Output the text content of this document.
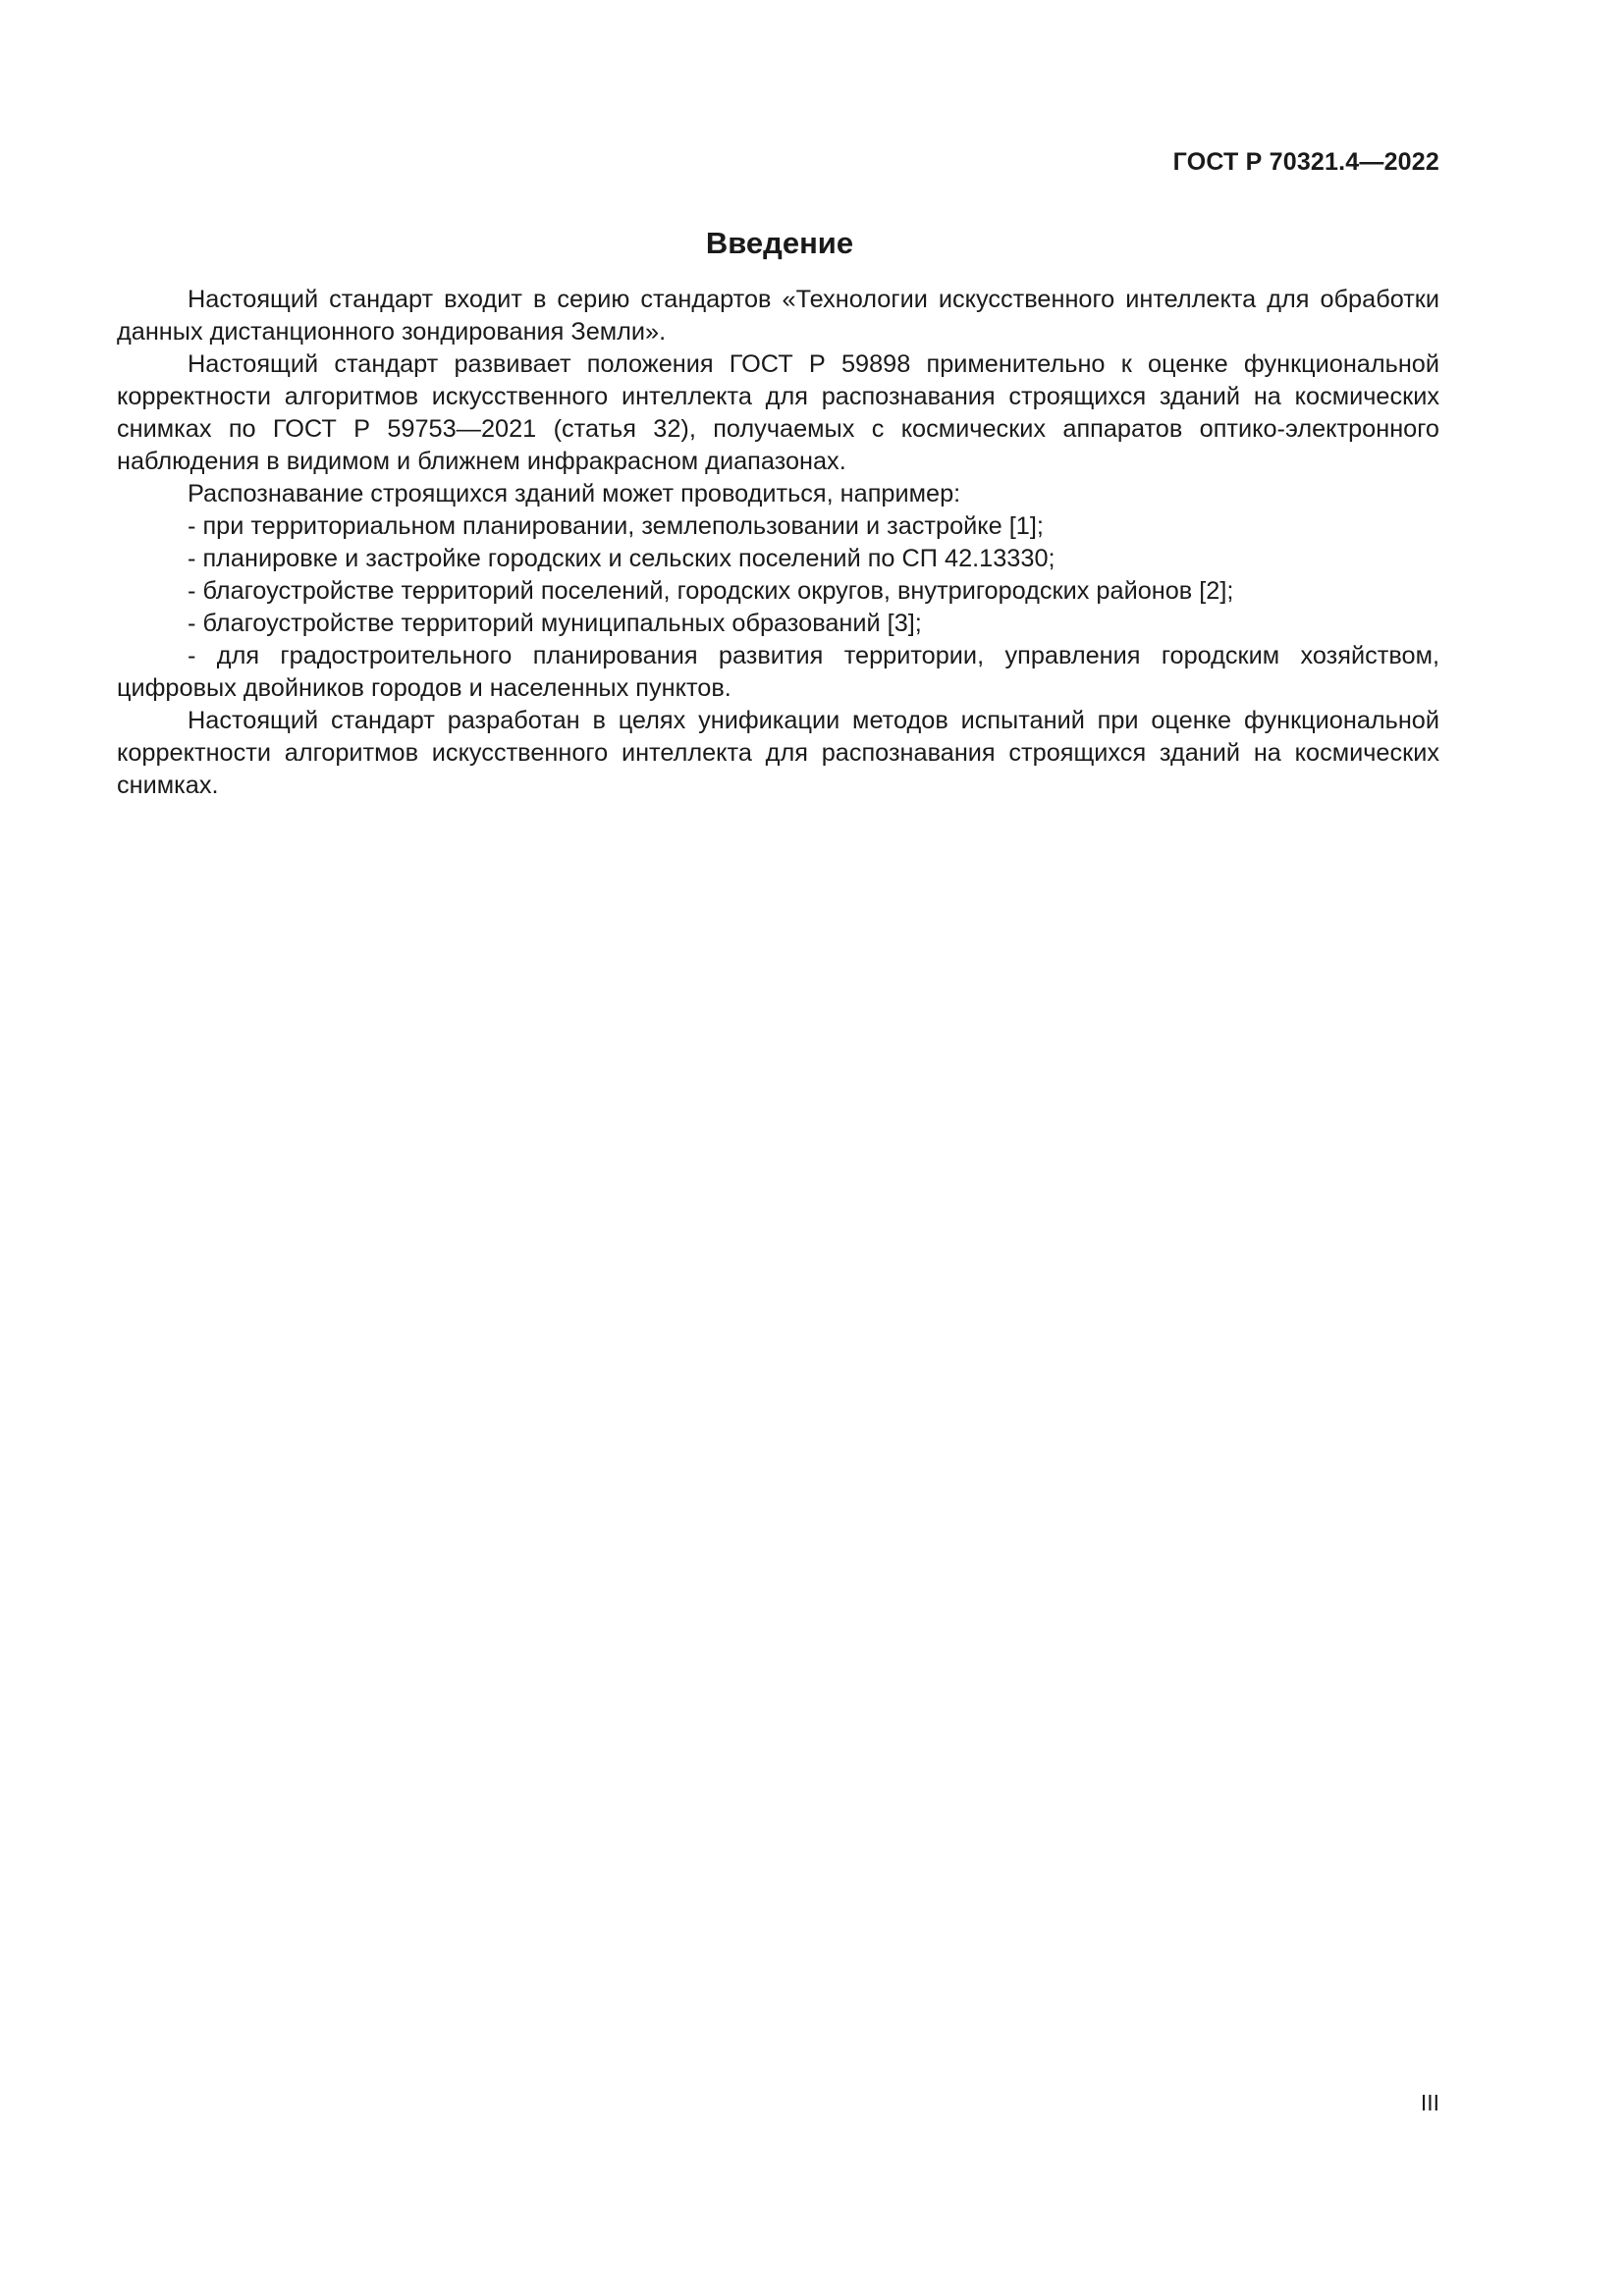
ГОСТ Р 70321.4—2022
Введение

Настоящий стандарт входит в серию стандартов «Технологии искусственного интеллекта для обработки данных дистанционного зондирования Земли».

Настоящий стандарт развивает положения ГОСТ Р 59898 применительно к оценке функциональной корректности алгоритмов искусственного интеллекта для распознавания строящихся зданий на космических снимках по ГОСТ Р 59753—2021 (статья 32), получаемых с космических аппаратов оптико-электронного наблюдения в видимом и ближнем инфракрасном диапазонах.

Распознавание строящихся зданий может проводиться, например:

- при территориальном планировании, землепользовании и застройке [1];

- планировке и застройке городских и сельских поселений по СП 42.13330;

- благоустройстве территорий поселений, городских округов, внутригородских районов [2];

- благоустройстве территорий муниципальных образований [3];

- для градостроительного планирования развития территории, управления городским хозяйством, цифровых двойников городов и населенных пунктов.

Настоящий стандарт разработан в целях унификации методов испытаний при оценке функциональной корректности алгоритмов искусственного интеллекта для распознавания строящихся зданий на космических снимках.

III
